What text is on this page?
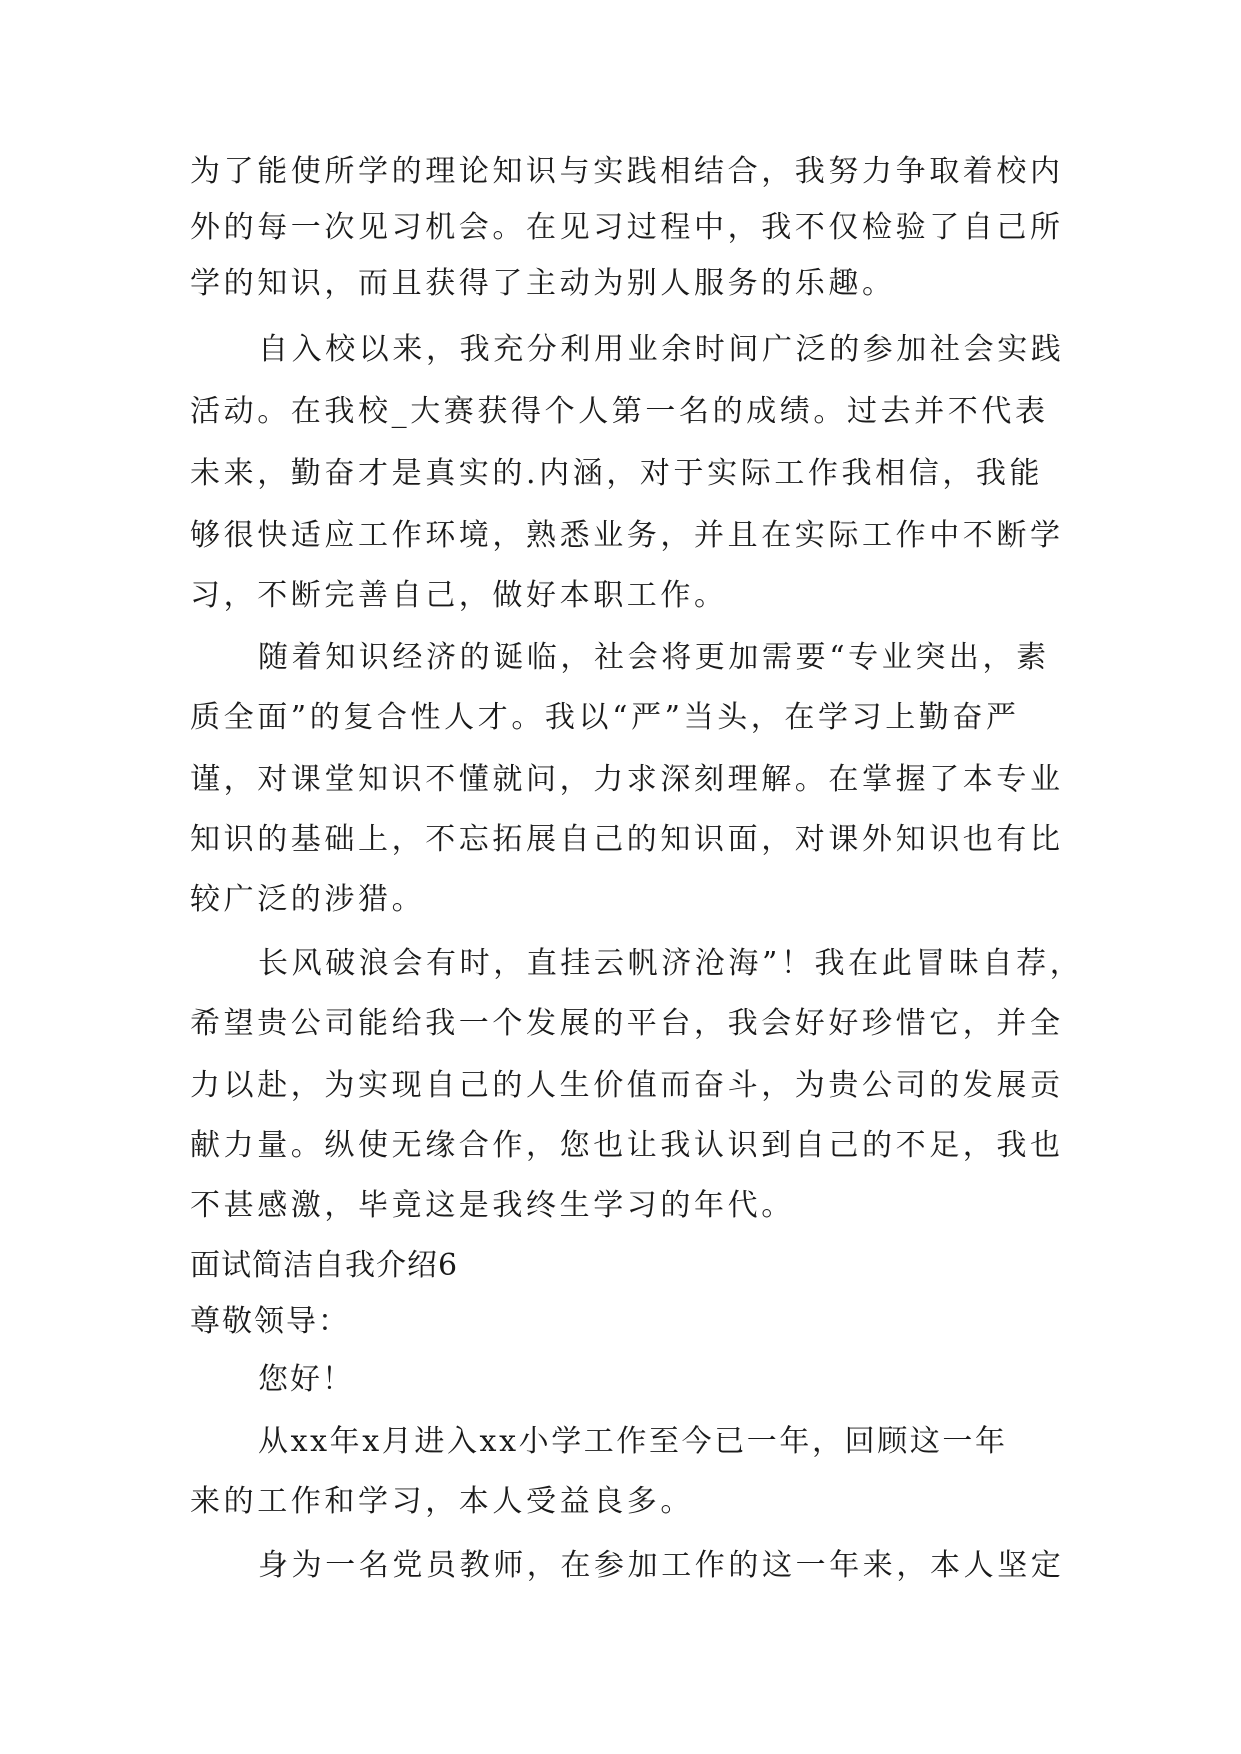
为了能使所学的理论知识与实践相结合，我努力争取着校内
外的每一次见习机会。在见习过程中，我不仅检验了自己所
学的知识，而且获得了主动为别人服务的乐趣。
自入校以来，我充分利用业余时间广泛的参加社会实践
活动。在我校_大赛获得个人第一名的成绩。过去并不代表
未来，勤奋才是真实的.内涵，对于实际工作我相信，我能
够很快适应工作环境，熟悉业务，并且在实际工作中不断学
习，不断完善自己，做好本职工作。
随着知识经济的诞临，社会将更加需要“专业突出，素
质全面”的复合性人才。我以“严”当头，在学习上勤奋严
谨，对课堂知识不懂就问，力求深刻理解。在掌握了本专业
知识的基础上，不忘拓展自己的知识面，对课外知识也有比
较广泛的涉猎。
长风破浪会有时，直挂云帆济沧海”！我在此冒昧自荐，
希望贵公司能给我一个发展的平台，我会好好珍惜它，并全
力以赴，为实现自己的人生价值而奋斗，为贵公司的发展贡
献力量。纵使无缘合作，您也让我认识到自己的不足，我也
不甚感激，毕竟这是我终生学习的年代。
面试简洁自我介绍6
尊敬领导：
您好！
从xx年x月进入xx小学工作至今已一年，回顾这一年
来的工作和学习，本人受益良多。
身为一名党员教师，在参加工作的这一年来，本人坚定
